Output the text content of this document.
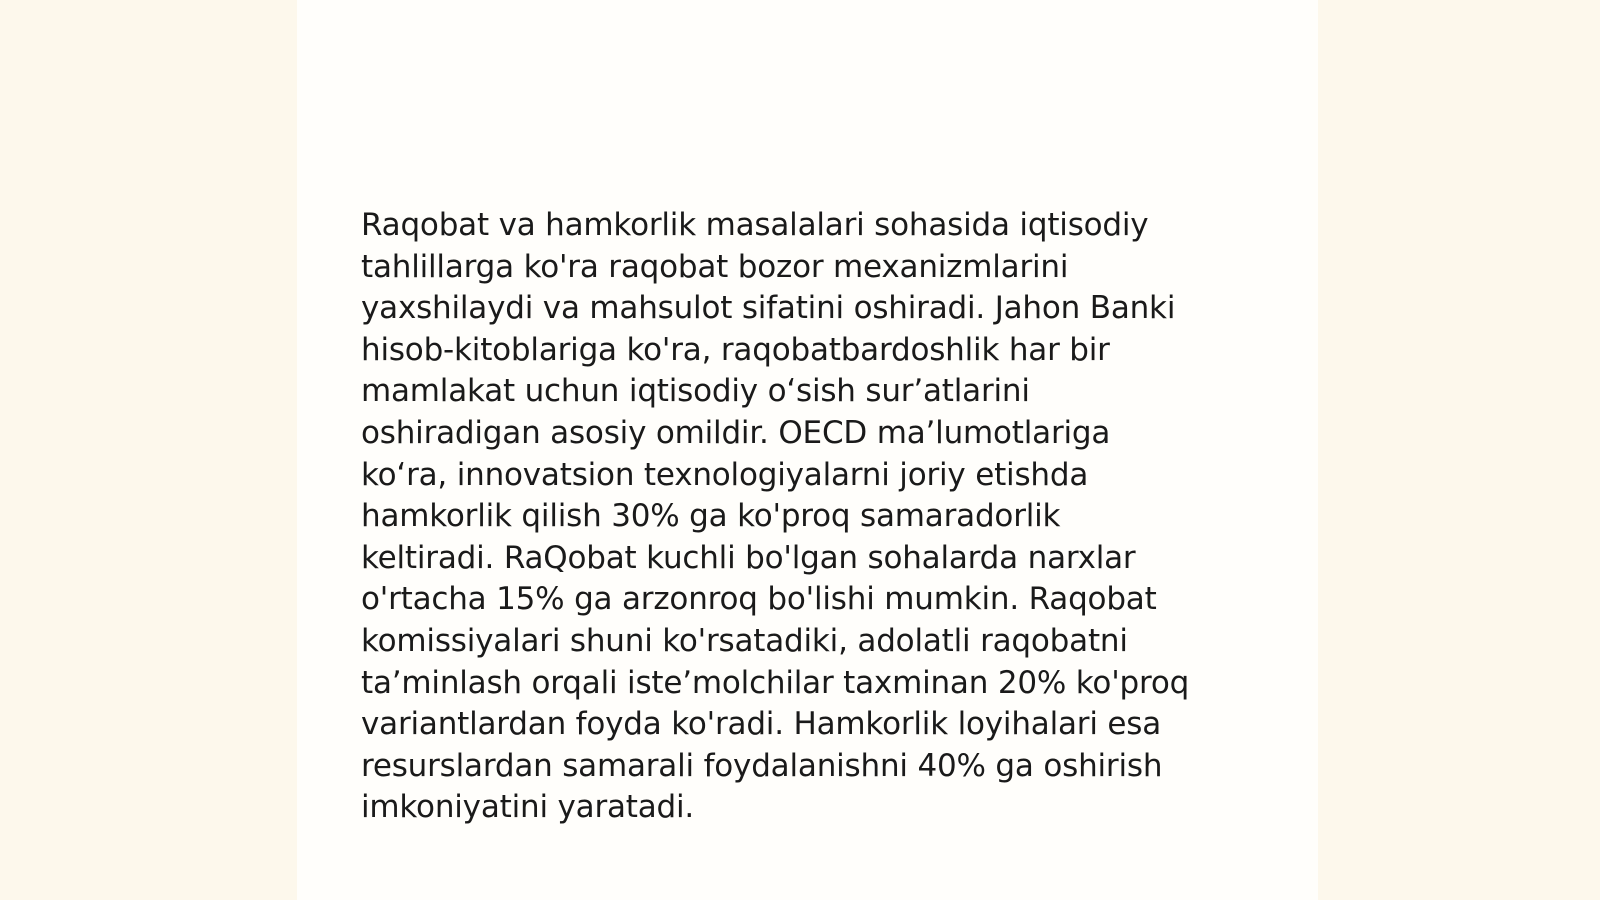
Raqobat va hamkorlik masalalari sohasida iqtisodiy
tahlillarga ko'ra raqobat bozor mexanizmlarini
yaxshilaydi va mahsulot sifatini oshiradi. Jahon Banki
hisob-kitoblariga ko'ra, raqobatbardoshlik har bir
mamlakat uchun iqtisodiy o‘sish sur’atlarini
oshiradigan asosiy omildir. OECD ma’lumotlariga
ko‘ra, innovatsion texnologiyalarni joriy etishda
hamkorlik qilish 30% ga ko'proq samaradorlik
keltiradi. RaQobat kuchli bo'lgan sohalarda narxlar
o'rtacha 15% ga arzonroq bo'lishi mumkin. Raqobat
komissiyalari shuni ko'rsatadiki, adolatli raqobatni
ta’minlash orqali iste’molchilar taxminan 20% ko'proq
variantlardan foyda ko'radi. Hamkorlik loyihalari esa
resurslardan samarali foydalanishni 40% ga oshirish
imkoniyatini yaratadi.
